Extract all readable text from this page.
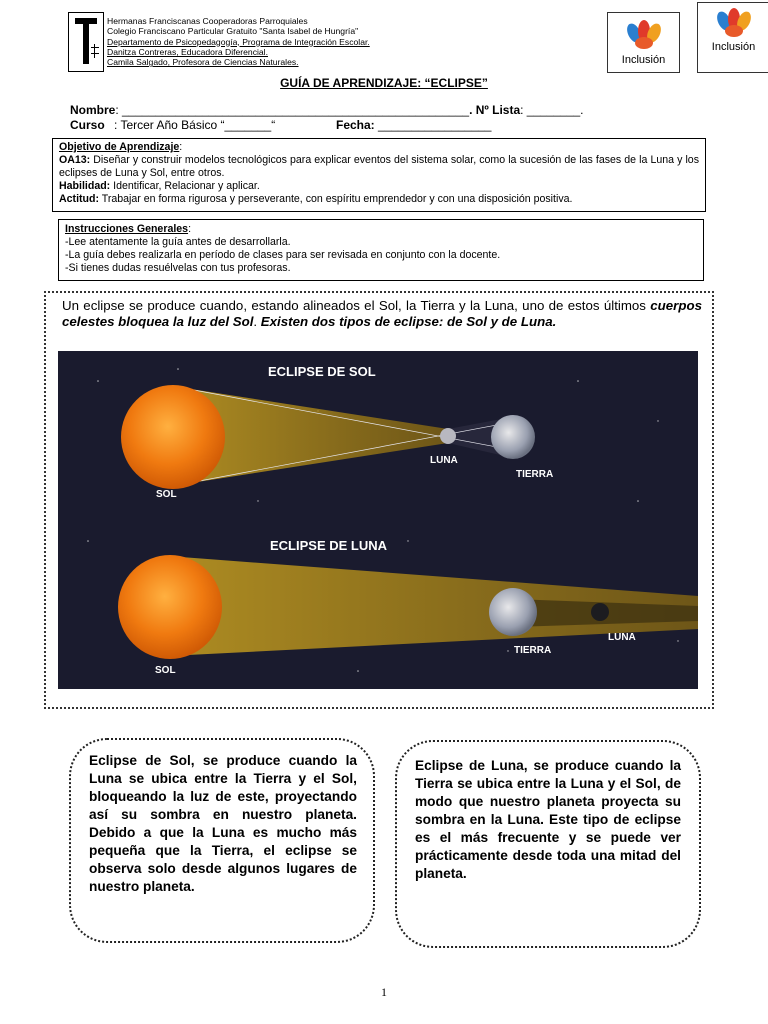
Hermanas Franciscanas Cooperadoras Parroquiales
Colegio Franciscano Particular Gratuito "Santa Isabel de Hungría"
Departamento de Psicopedagogía, Programa de Integración Escolar.
Danitza Contreras, Educadora Diferencial.
Camila Salgado, Profesora de Ciencias Naturales.	Inclusión
Inclusión
GUÍA DE APRENDIZAJE: “ECLIPSE”
Nombre: ____________________________________________________. Nº Lista: ________.
Curso : Tercer Año Básico “_______“	Fecha: _________________
Objetivo de Aprendizaje:
OA13: Diseñar y construir modelos tecnológicos para explicar eventos del sistema solar, como la sucesión de las fases de la Luna y los eclipses de Luna y Sol, entre otros.
Habilidad: Identificar, Relacionar y aplicar.
Actitud: Trabajar en forma rigurosa y perseverante, con espíritu emprendedor y con una disposición positiva.
Instrucciones Generales:
-Lee atentamente la guía antes de desarrollarla.
-La guía debes realizarla en período de clases para ser revisada en conjunto con la docente.
-Si tienes dudas resuélvelas con tus profesoras.
Un eclipse se produce cuando, estando alineados el Sol, la Tierra y la Luna, uno de estos últimos cuerpos celestes bloquea la luz del Sol. Existen dos tipos de eclipse: de Sol y de Luna.
ECLIPSE DE SOL
SOL
LUNA
TIERRA
ECLIPSE DE LUNA
SOL
TIERRA
LUNA

Eclipse de Sol, se produce cuando la Luna se ubica entre la Tierra y el Sol, bloqueando la luz de este, proyectando así su sombra en nuestro planeta. Debido a que la Luna es mucho más pequeña que la Tierra, el eclipse se observa solo desde algunos lugares de nuestro planeta.

Eclipse de Luna, se produce cuando la Tierra se ubica entre la Luna y el Sol, de modo que nuestro planeta proyecta su sombra en la Luna. Este tipo de eclipse es el más frecuente y se puede ver prácticamente desde toda una mitad del planeta.

1
